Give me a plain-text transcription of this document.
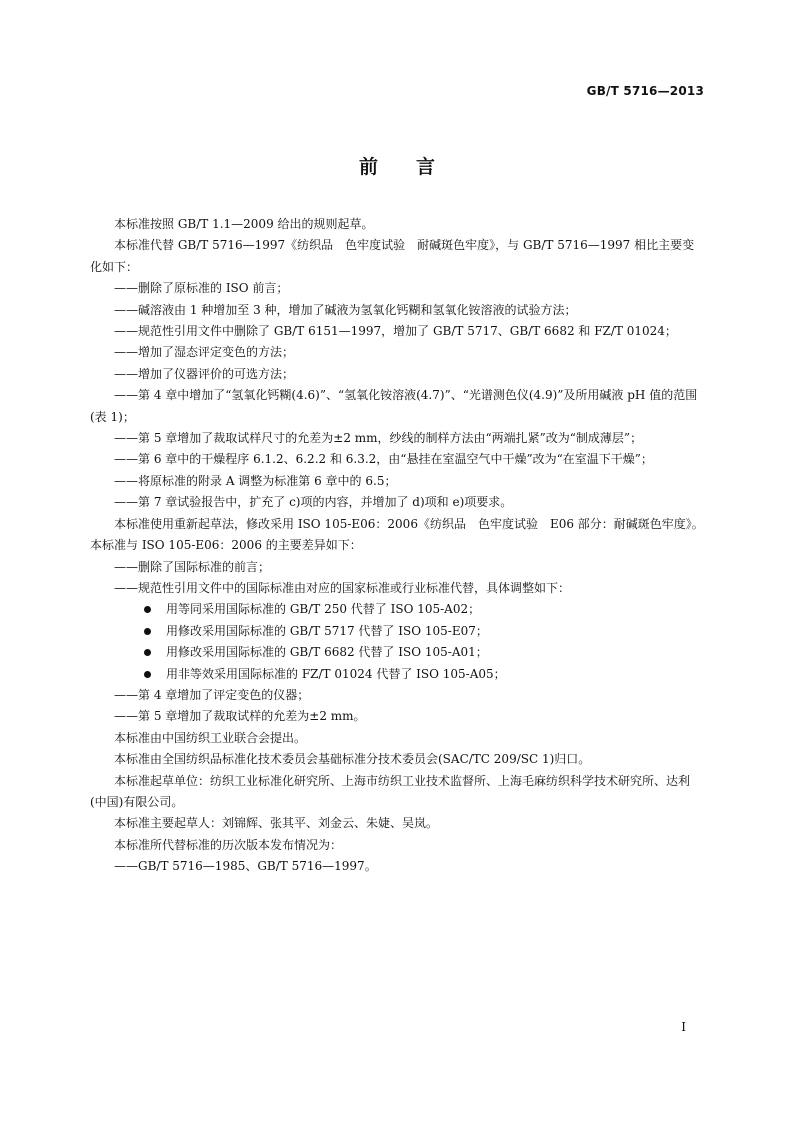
GB/T 5716—2013
前言

本标准按照 GB/T 1.1—2009 给出的规则起草。

本标准代替 GB/T 5716—1997《纺织品　色牢度试验　耐碱斑色牢度》，与 GB/T 5716—1997 相比主要变化如下：

——删除了原标准的 ISO 前言；

——碱溶液由 1 种增加至 3 种，增加了碱液为氢氧化钙糊和氢氧化铵溶液的试验方法；

——规范性引用文件中删除了 GB/T 6151—1997，增加了 GB/T 5717、GB/T 6682 和 FZ/T 01024；

——增加了湿态评定变色的方法；

——增加了仪器评价的可选方法；

——第 4 章中增加了“氢氧化钙糊(4.6)”、“氢氧化铵溶液(4.7)”、“光谱测色仪(4.9)”及所用碱液 pH 值的范围(表 1)；

——第 5 章增加了裁取试样尺寸的允差为±2 mm，纱线的制样方法由“两端扎紧”改为“制成薄层”；

——第 6 章中的干燥程序 6.1.2、6.2.2 和 6.3.2，由“悬挂在室温空气中干燥”改为“在室温下干燥”；

——将原标准的附录 A 调整为标准第 6 章中的 6.5；

——第 7 章试验报告中，扩充了 c)项的内容，并增加了 d)项和 e)项要求。

本标准使用重新起草法，修改采用 ISO 105-E06：2006《纺织品　色牢度试验　E06 部分：耐碱斑色牢度》。本标准与 ISO 105-E06：2006 的主要差异如下：

——删除了国际标准的前言；

——规范性引用文件中的国际标准由对应的国家标准或行业标准代替，具体调整如下：

用等同采用国际标准的 GB/T 250 代替了 ISO 105-A02；
用修改采用国际标准的 GB/T 5717 代替了 ISO 105-E07；
用修改采用国际标准的 GB/T 6682 代替了 ISO 105-A01；
用非等效采用国际标准的 FZ/T 01024 代替了 ISO 105-A05；

——第 4 章增加了评定变色的仪器；

——第 5 章增加了裁取试样的允差为±2 mm。

本标准由中国纺织工业联合会提出。

本标准由全国纺织品标准化技术委员会基础标准分技术委员会(SAC/TC 209/SC 1)归口。

本标准起草单位：纺织工业标准化研究所、上海市纺织工业技术监督所、上海毛麻纺织科学技术研究所、达利(中国)有限公司。

本标准主要起草人：刘锦辉、张其平、刘金云、朱婕、吴岚。

本标准所代替标准的历次版本发布情况为：

——GB/T 5716—1985、GB/T 5716—1997。

I
